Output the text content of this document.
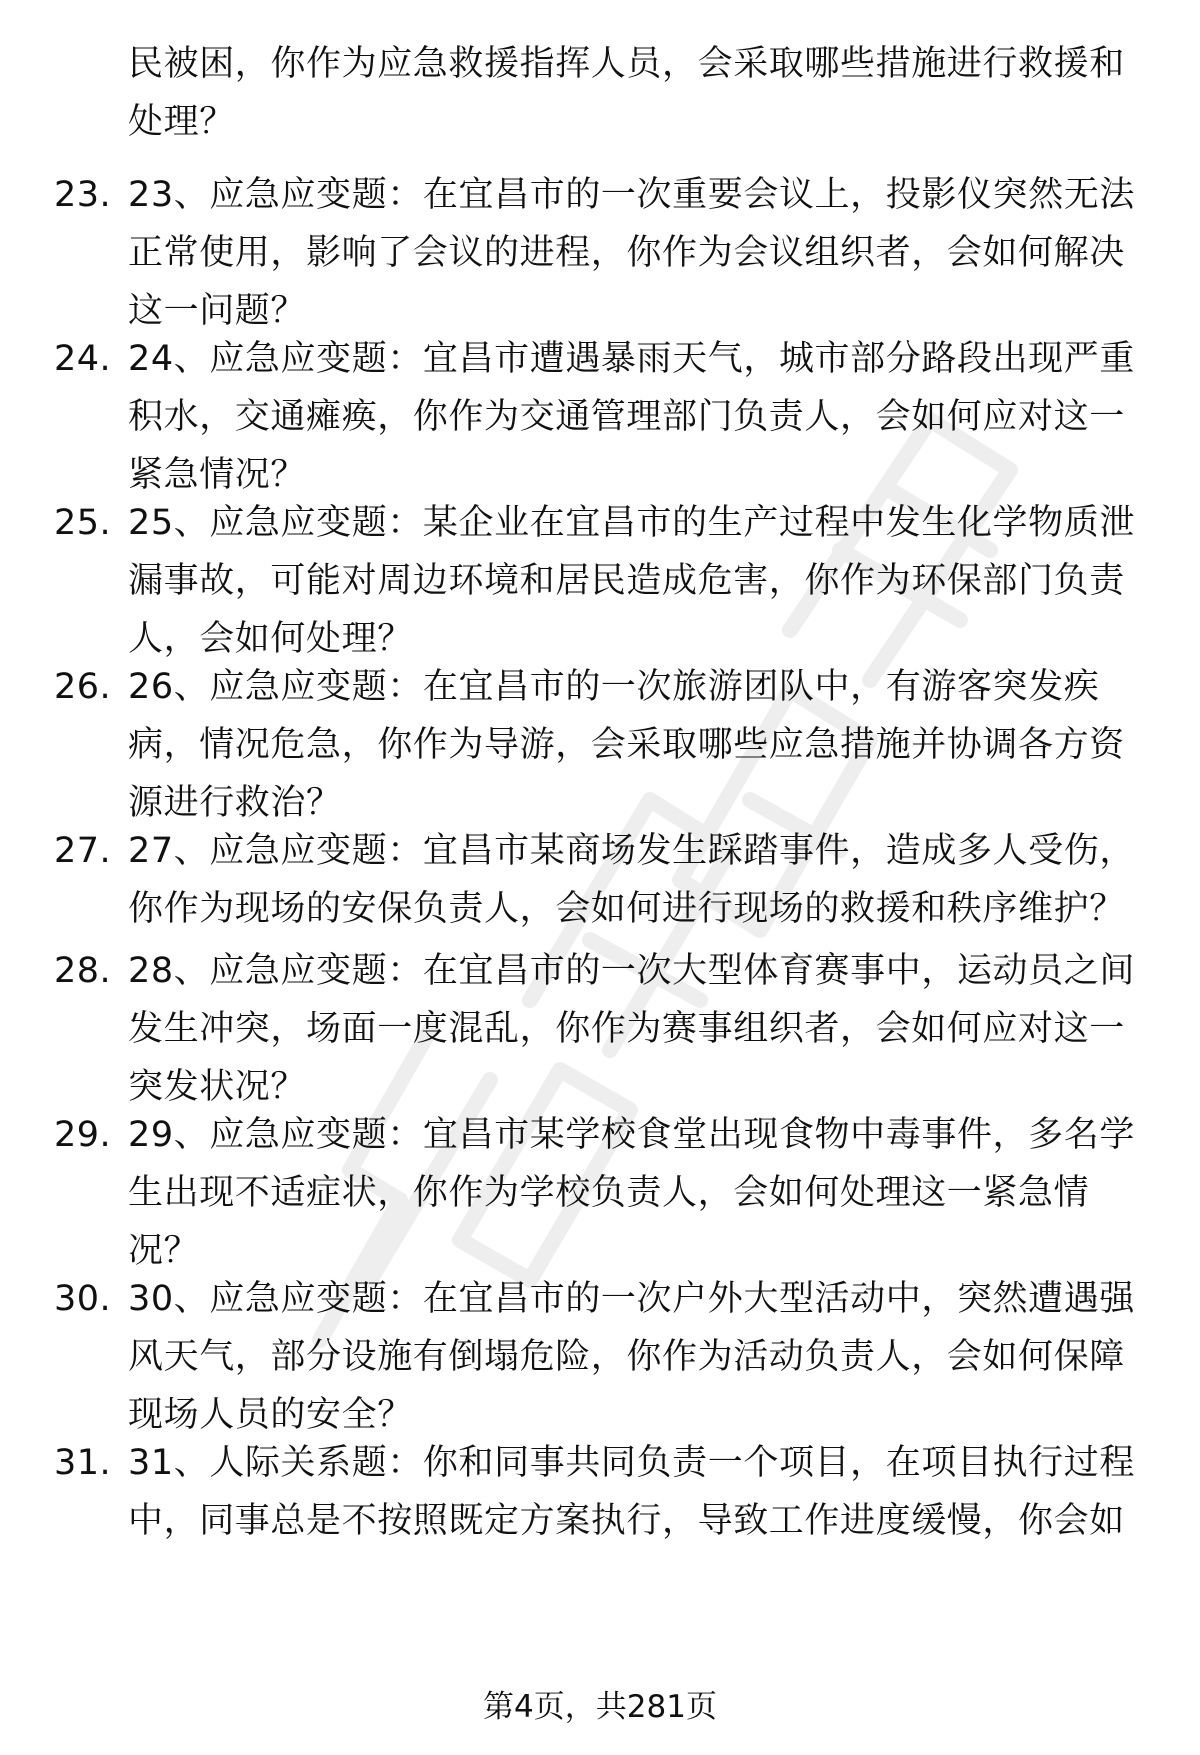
民被困，你作为应急救援指挥人员，会采取哪些措施进行救援和
处理？
23. 23、应急应变题：在宜昌市的一次重要会议上，投影仪突然无法
正常使用，影响了会议的进程，你作为会议组织者，会如何解决
这一问题？
24. 24、应急应变题：宜昌市遭遇暴雨天气，城市部分路段出现严重
积水，交通瘫痪，你作为交通管理部门负责人，会如何应对这一
紧急情况？
25. 25、应急应变题：某企业在宜昌市的生产过程中发生化学物质泄
漏事故，可能对周边环境和居民造成危害，你作为环保部门负责
人，会如何处理？
26. 26、应急应变题：在宜昌市的一次旅游团队中，有游客突发疾
病，情况危急，你作为导游，会采取哪些应急措施并协调各方资
源进行救治？
27. 27、应急应变题：宜昌市某商场发生踩踏事件，造成多人受伤，
你作为现场的安保负责人，会如何进行现场的救援和秩序维护？
28. 28、应急应变题：在宜昌市的一次大型体育赛事中，运动员之间
发生冲突，场面一度混乱，你作为赛事组织者，会如何应对这一
突发状况？
29. 29、应急应变题：宜昌市某学校食堂出现食物中毒事件，多名学
生出现不适症状，你作为学校负责人，会如何处理这一紧急情
况？
30. 30、应急应变题：在宜昌市的一次户外大型活动中，突然遭遇强
风天气，部分设施有倒塌危险，你作为活动负责人，会如何保障
现场人员的安全？
31. 31、人际关系题：你和同事共同负责一个项目，在项目执行过程
中，同事总是不按照既定方案执行，导致工作进度缓慢，你会如
第4页，共281页
